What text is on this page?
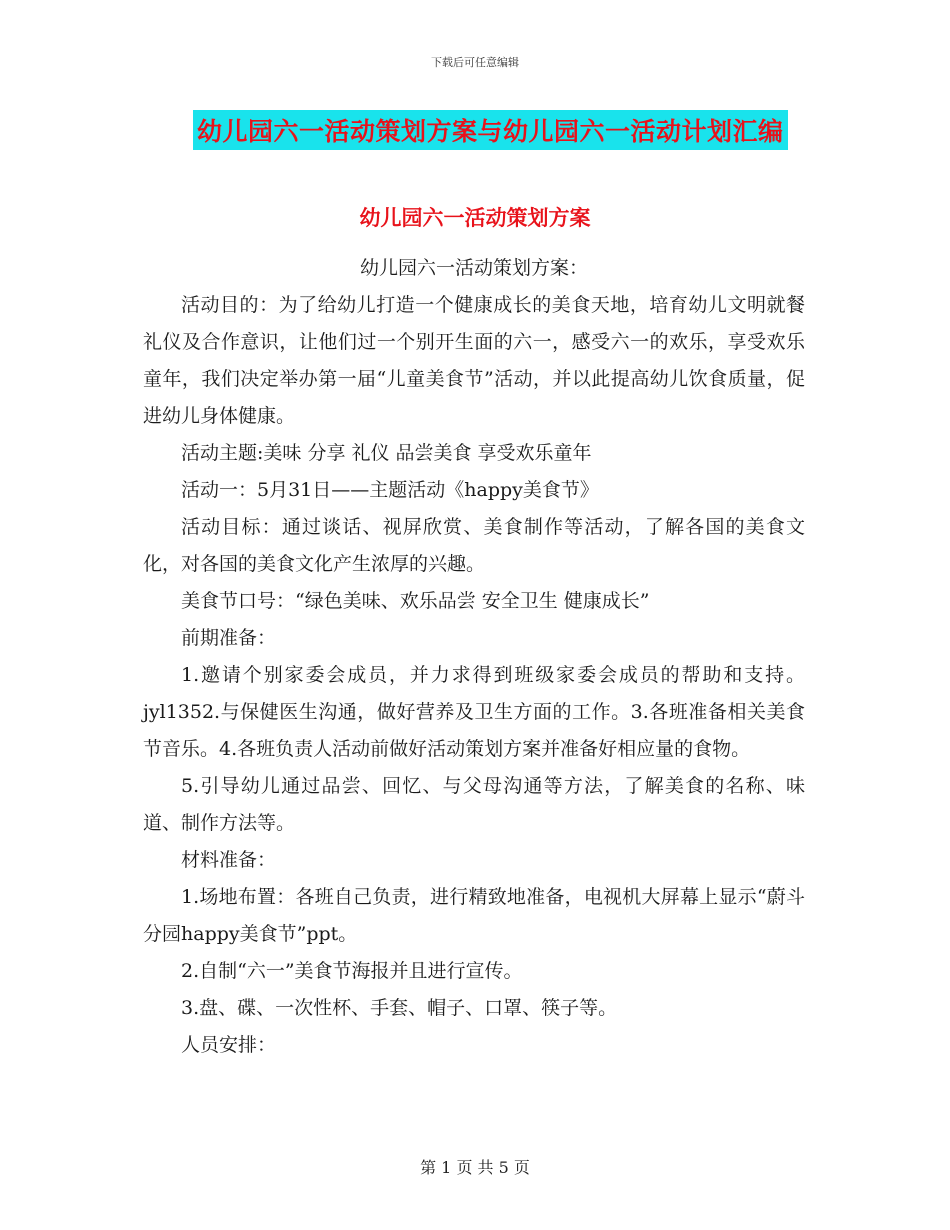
下载后可任意编辑
幼儿园六一活动策划方案与幼儿园六一活动计划汇编
幼儿园六一活动策划方案

幼儿园六一活动策划方案：

活动目的：为了给幼儿打造一个健康成长的美食天地，培育幼儿文明就餐礼仪及合作意识，让他们过一个别开生面的六一，感受六一的欢乐，享受欢乐童年，我们决定举办第一届“儿童美食节”活动，并以此提高幼儿饮食质量，促进幼儿身体健康。

活动主题:美味 分享 礼仪 品尝美食 享受欢乐童年

活动一：5月31日——主题活动《happy美食节》

活动目标：通过谈话、视屏欣赏、美食制作等活动，了解各国的美食文化，对各国的美食文化产生浓厚的兴趣。

美食节口号：“绿色美味、欢乐品尝 安全卫生 健康成长”

前期准备：

1.邀请个别家委会成员，并力求得到班级家委会成员的帮助和支持。jyl1352.与保健医生沟通，做好营养及卫生方面的工作。3.各班准备相关美食节音乐。4.各班负责人活动前做好活动策划方案并准备好相应量的食物。

5.引导幼儿通过品尝、回忆、与父母沟通等方法，了解美食的名称、味道、制作方法等。

材料准备：

1.场地布置：各班自己负责，进行精致地准备，电视机大屏幕上显示“蔚斗分园happy美食节”ppt。

2.自制“六一”美食节海报并且进行宣传。

3.盘、碟、一次性杯、手套、帽子、口罩、筷子等。

人员安排：

第 1 页 共 5 页
